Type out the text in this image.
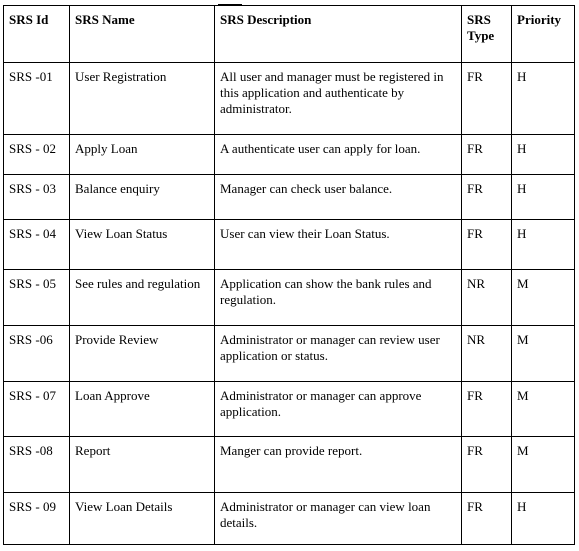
SRS Id	SRS Name	SRS Description	SRS Type	Priority
SRS -01	User Registration	All user and manager must be registered in this application and authenticate by administrator.	FR	H
SRS - 02	Apply Loan	A authenticate user can apply for loan.	FR	H
SRS - 03	Balance enquiry	Manager can check user balance.	FR	H
SRS - 04	View Loan Status	User can view their Loan Status.	FR	H
SRS - 05	See rules and regulation	Application can show the bank rules and regulation.	NR	M
SRS -06	Provide Review	Administrator or manager can review user application or status.	NR	M
SRS - 07	Loan Approve	Administrator or manager can approve application.	FR	M
SRS -08	Report	Manger can provide report.	FR	M
SRS - 09	View Loan Details	Administrator or manager can view loan details.	FR	H
